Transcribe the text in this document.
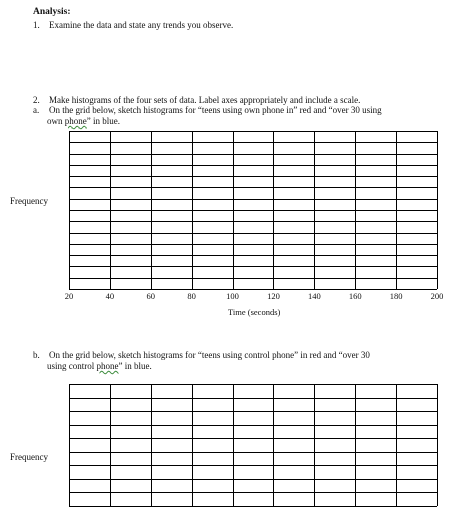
Analysis:
1. Examine the data and state any trends you observe.
2. Make histograms of the four sets of data. Label axes appropriately and include a scale.
a. On the grid below, sketch histograms for “teens using own phone in” red and “over 30 using
own phone” in blue.
Frequency
20	40	60	80	100	120	140	160	180	200
Time (seconds)
b. On the grid below, sketch histograms for “teens using control phone” in red and “over 30
using control phone” in blue.
Frequency
